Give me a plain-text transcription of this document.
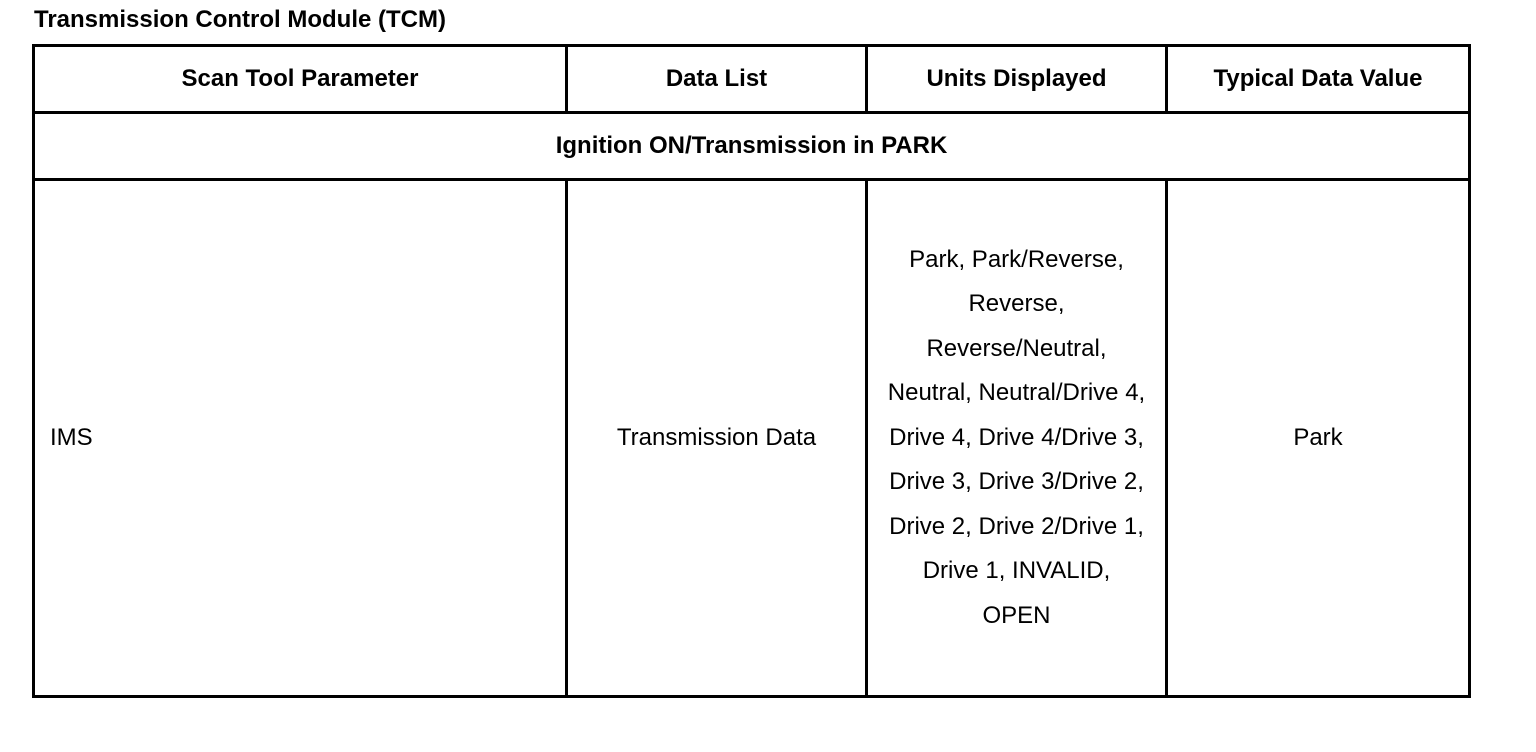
Transmission Control Module (TCM)
Scan Tool Parameter	Data List	Units Displayed	Typical Data Value
Ignition ON/Transmission in PARK			
IMS	Transmission Data	Park, Park/Reverse, Reverse, Reverse/Neutral, Neutral, Neutral/Drive 4, Drive 4, Drive 4/Drive 3, Drive 3, Drive 3/Drive 2, Drive 2, Drive 2/Drive 1, Drive 1, INVALID, OPEN	Park
